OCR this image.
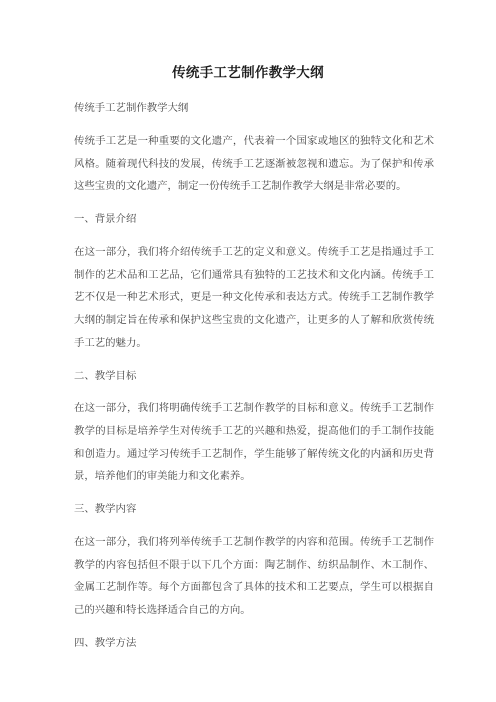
传统手工艺制作教学大纲

传统手工艺制作教学大纲

传统手工艺是一种重要的文化遗产，代表着一个国家或地区的独特文化和艺术风格。随着现代科技的发展，传统手工艺逐渐被忽视和遗忘。为了保护和传承这些宝贵的文化遗产，制定一份传统手工艺制作教学大纲是非常必要的。

一、背景介绍

在这一部分，我们将介绍传统手工艺的定义和意义。传统手工艺是指通过手工制作的艺术品和工艺品，它们通常具有独特的工艺技术和文化内涵。传统手工艺不仅是一种艺术形式，更是一种文化传承和表达方式。传统手工艺制作教学大纲的制定旨在传承和保护这些宝贵的文化遗产，让更多的人了解和欣赏传统手工艺的魅力。

二、教学目标

在这一部分，我们将明确传统手工艺制作教学的目标和意义。传统手工艺制作教学的目标是培养学生对传统手工艺的兴趣和热爱，提高他们的手工制作技能和创造力。通过学习传统手工艺制作，学生能够了解传统文化的内涵和历史背景，培养他们的审美能力和文化素养。

三、教学内容

在这一部分，我们将列举传统手工艺制作教学的内容和范围。传统手工艺制作教学的内容包括但不限于以下几个方面：陶艺制作、纺织品制作、木工制作、金属工艺制作等。每个方面都包含了具体的技术和工艺要点，学生可以根据自己的兴趣和特长选择适合自己的方向。

四、教学方法
